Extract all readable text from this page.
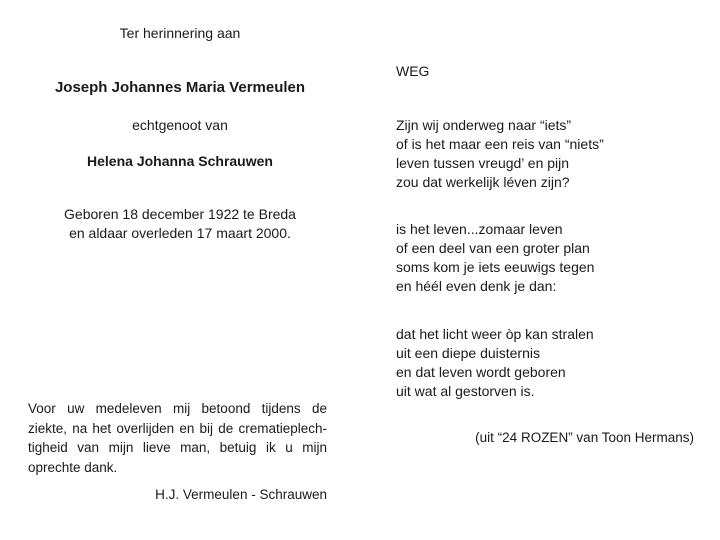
Ter herinnering aan

Joseph Johannes Maria Vermeulen

echtgenoot van

Helena Johanna Schrauwen

Geboren 18 december 1922 te Breda
en aldaar overleden 17 maart 2000.
Voor uw medeleven mij betoond tijdens de
ziekte, na het overlijden en bij de crematieplech-
tigheid van mijn lieve man, betuig ik u mijn
oprechte dank.
H.J. Vermeulen - Schrauwen

WEG

Zijn wij onderweg naar “iets”
of is het maar een reis van “niets”
leven tussen vreugd’ en pijn
zou dat werkelijk léven zijn?
is het leven...zomaar leven
of een deel van een groter plan
soms kom je iets eeuwigs tegen
en héél even denk je dan:
dat het licht weer òp kan stralen
uit een diepe duisternis
en dat leven wordt geboren
uit wat al gestorven is.
(uit “24 ROZEN” van Toon Hermans)
